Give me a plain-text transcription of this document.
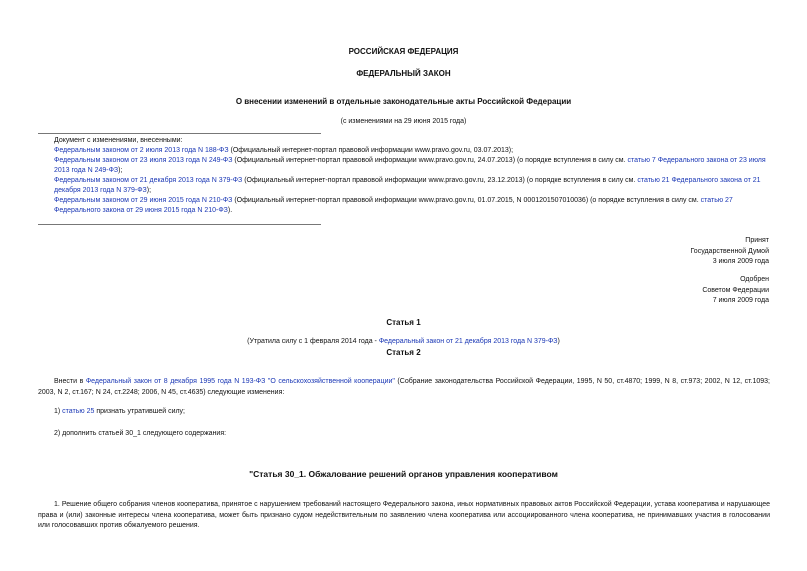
РОССИЙСКАЯ ФЕДЕРАЦИЯ
ФЕДЕРАЛЬНЫЙ ЗАКОН
О внесении изменений в отдельные законодательные акты Российской Федерации
(с изменениями на 29 июня 2015 года)

Документ с изменениями, внесенными:

Федеральным законом от 2 июля 2013 года N 188-ФЗ (Официальный интернет-портал правовой информации www.pravo.gov.ru, 03.07.2013);

Федеральным законом от 23 июля 2013 года N 249-ФЗ (Официальный интернет-портал правовой информации www.pravo.gov.ru, 24.07.2013) (о порядке вступления в силу см. статью 7 Федерального закона от 23 июля 2013 года N 249-ФЗ);

Федеральным законом от 21 декабря 2013 года N 379-ФЗ (Официальный интернет-портал правовой информации www.pravo.gov.ru, 23.12.2013) (о порядке вступления в силу см. статью 21 Федерального закона от 21 декабря 2013 года N 379-ФЗ);

Федеральным законом от 29 июня 2015 года N 210-ФЗ (Официальный интернет-портал правовой информации www.pravo.gov.ru, 01.07.2015, N 0001201507010036) (о порядке вступления в силу см. статью 27 Федерального закона от 29 июня 2015 года N 210-ФЗ).

Принят
Государственной Думой
3 июля 2009 года
Одобрен
Советом Федерации
7 июля 2009 года
Статья 1
(Утратила силу с 1 февраля 2014 года - Федеральный закон от 21 декабря 2013 года N 379-ФЗ)
Статья 2

Внести в Федеральный закон от 8 декабря 1995 года N 193-ФЗ "О сельскохозяйственной кооперации" (Собрание законодательства Российской Федерации, 1995, N 50, ст.4870; 1999, N 8, ст.973; 2002, N 12, ст.1093; 2003, N 2, ст.167; N 24, ст.2248; 2006, N 45, ст.4635) следующие изменения:

1) статью 25 признать утратившей силу;

2) дополнить статьей 30_1 следующего содержания:

"Статья 30_1. Обжалование решений органов управления кооперативом

1. Решение общего собрания членов кооператива, принятое с нарушением требований настоящего Федерального закона, иных нормативных правовых актов Российской Федерации, устава кооператива и нарушающее права и (или) законные интересы члена кооператива, может быть признано судом недействительным по заявлению члена кооператива или ассоциированного члена кооператива, не принимавших участия в голосовании или голосовавших против обжалуемого решения.
